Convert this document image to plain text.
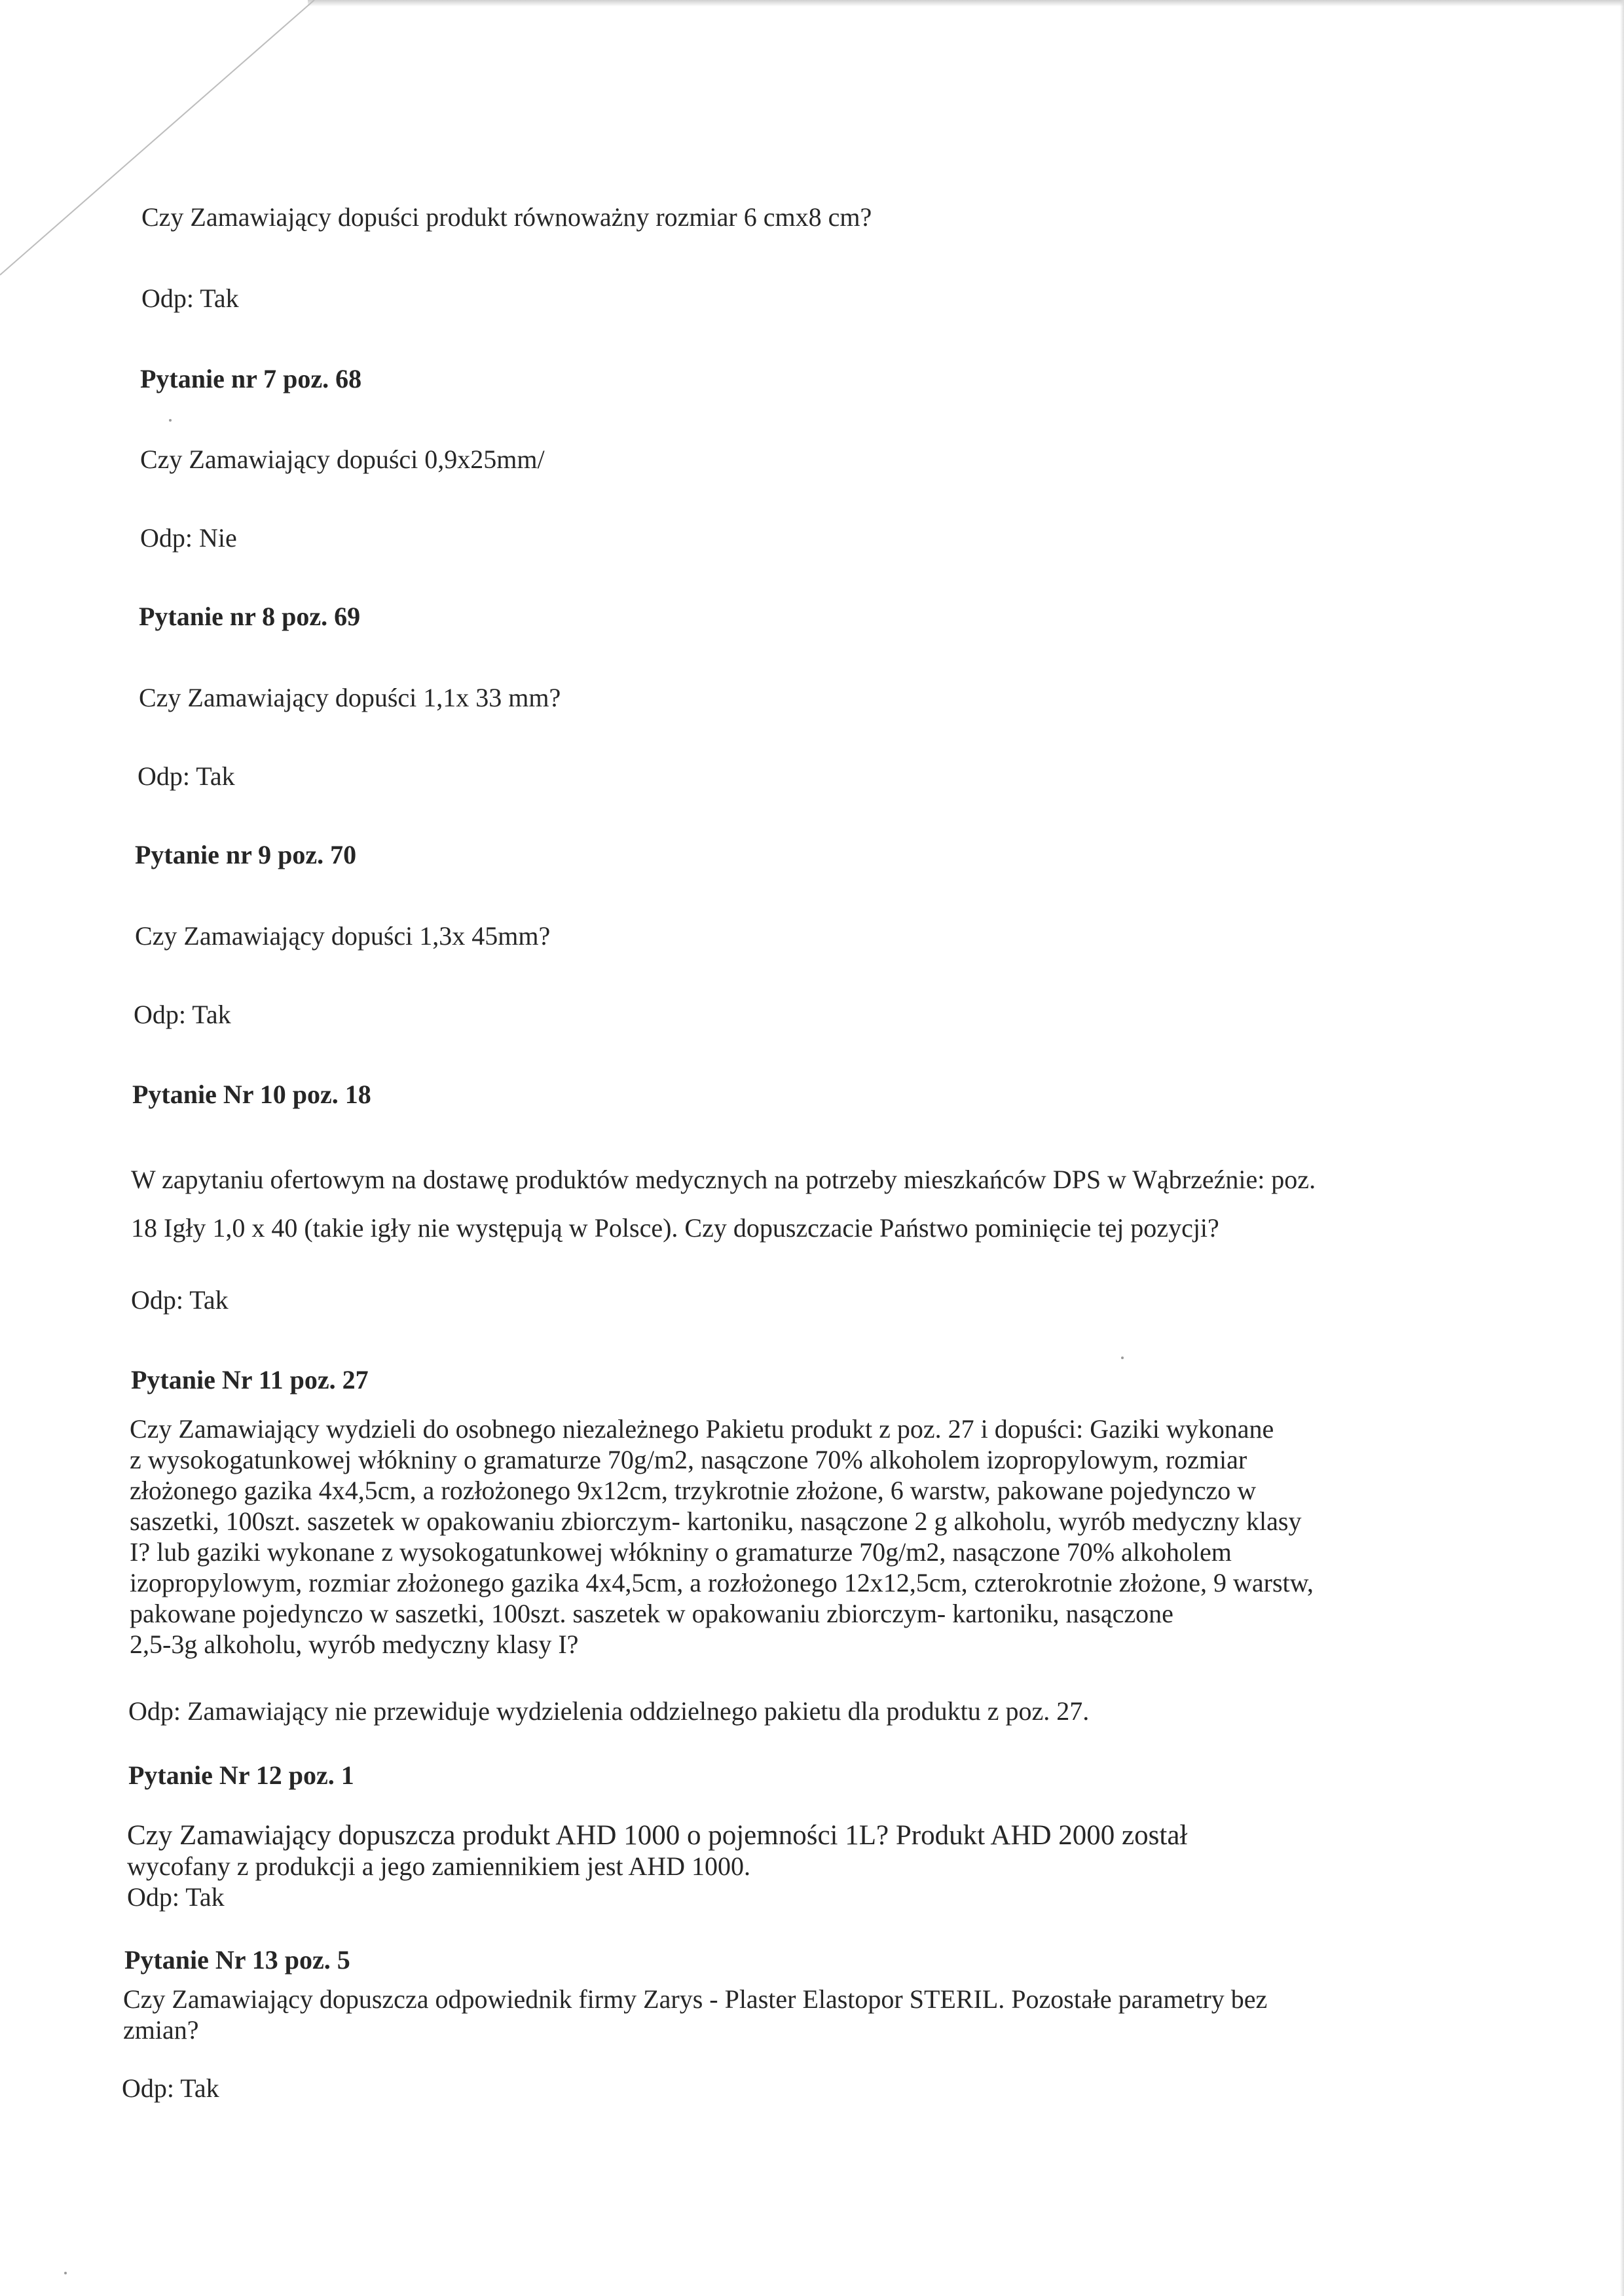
Czy Zamawiający dopuści produkt równoważny rozmiar 6 cmx8 cm?

Odp: Tak

Pytanie nr 7 poz. 68

Czy Zamawiający dopuści 0,9x25mm/

Odp: Nie

Pytanie nr 8 poz. 69

Czy Zamawiający dopuści 1,1x 33 mm?

Odp: Tak

Pytanie nr 9 poz. 70

Czy Zamawiający dopuści 1,3x 45mm?

Odp: Tak

Pytanie Nr 10 poz. 18

W zapytaniu ofertowym na dostawę produktów medycznych na potrzeby mieszkańców DPS w Wąbrzeźnie: poz.

18 Igły 1,0 x 40 (takie igły nie występują w Polsce). Czy dopuszczacie Państwo pominięcie tej pozycji?

Odp: Tak

Pytanie Nr 11 poz. 27

Czy Zamawiający wydzieli do osobnego niezależnego Pakietu produkt z poz. 27 i dopuści: Gaziki wykonane
z wysokogatunkowej włókniny o gramaturze 70g/m2, nasączone 70% alkoholem izopropylowym, rozmiar
złożonego gazika 4x4,5cm, a rozłożonego 9x12cm, trzykrotnie złożone, 6 warstw, pakowane pojedynczo w
saszetki, 100szt. saszetek w opakowaniu zbiorczym- kartoniku, nasączone 2 g alkoholu, wyrób medyczny klasy
I? lub gaziki wykonane z wysokogatunkowej włókniny o gramaturze 70g/m2, nasączone 70% alkoholem
izopropylowym, rozmiar złożonego gazika 4x4,5cm, a rozłożonego 12x12,5cm, czterokrotnie złożone, 9 warstw,
pakowane pojedynczo w saszetki, 100szt. saszetek w opakowaniu zbiorczym- kartoniku, nasączone
2,5-3g alkoholu, wyrób medyczny klasy I?

Odp: Zamawiający nie przewiduje wydzielenia oddzielnego pakietu dla produktu z poz. 27.

Pytanie Nr 12 poz. 1

Czy Zamawiający dopuszcza produkt AHD 1000 o pojemności 1L? Produkt AHD 2000 został
wycofany z produkcji a jego zamiennikiem jest AHD 1000.
Odp: Tak

Pytanie Nr 13 poz. 5

Czy Zamawiający dopuszcza odpowiednik firmy Zarys - Plaster Elastopor STERIL. Pozostałe parametry bez
zmian?

Odp: Tak
